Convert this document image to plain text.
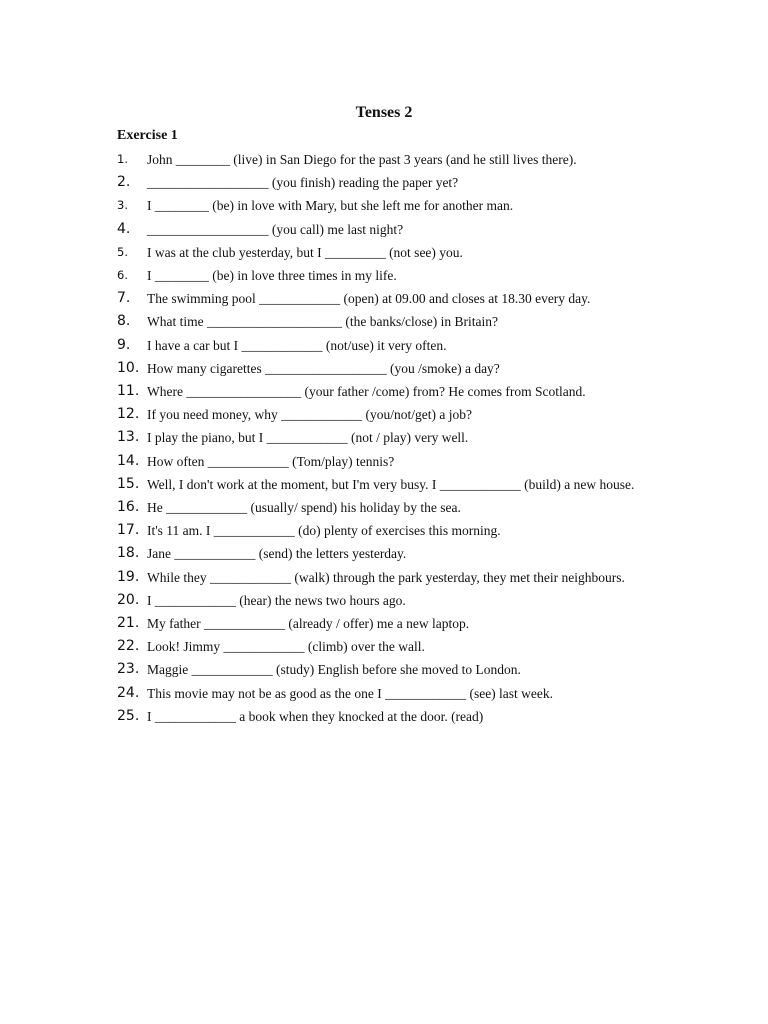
Tenses 2
Exercise 1
1.	John ________ (live) in San Diego for the past 3 years (and he still lives there).
2.	__________________ (you finish) reading the paper yet?
3.	I ________ (be) in love with Mary, but she left me for another man.
4.	__________________ (you call) me last night?
5.	I was at the club yesterday, but I _________ (not see) you.
6.	I ________ (be) in love three times in my life.
7.	The swimming pool ____________ (open) at 09.00 and closes at 18.30 every day.
8.	What time ____________________ (the banks/close) in Britain?
9.	I have a car but I ____________ (not/use) it very often.
10. How many cigarettes __________________ (you /smoke) a day?
11. Where _________________ (your father /come) from? He comes from Scotland.
12. If you need money, why ____________ (you/not/get) a job?
13. I play the piano, but I ____________ (not / play) very well.
14. How often ____________ (Tom/play) tennis?
15. Well, I don't work at the moment, but I'm very busy. I ____________ (build) a new house.
16. He ____________ (usually/ spend) his holiday by the sea.
17. It's 11 am. I ____________ (do) plenty of exercises this morning.
18. Jane ____________ (send) the letters yesterday.
19. While they ____________ (walk) through the park yesterday, they met their neighbours.
20. I ____________ (hear) the news two hours ago.
21. My father ____________ (already / offer) me a new laptop.
22. Look! Jimmy ____________ (climb) over the wall.
23. Maggie ____________ (study) English before she moved to London.
24. This movie may not be as good as the one I ____________ (see) last week.
25. I ____________ a book when they knocked at the door. (read)
